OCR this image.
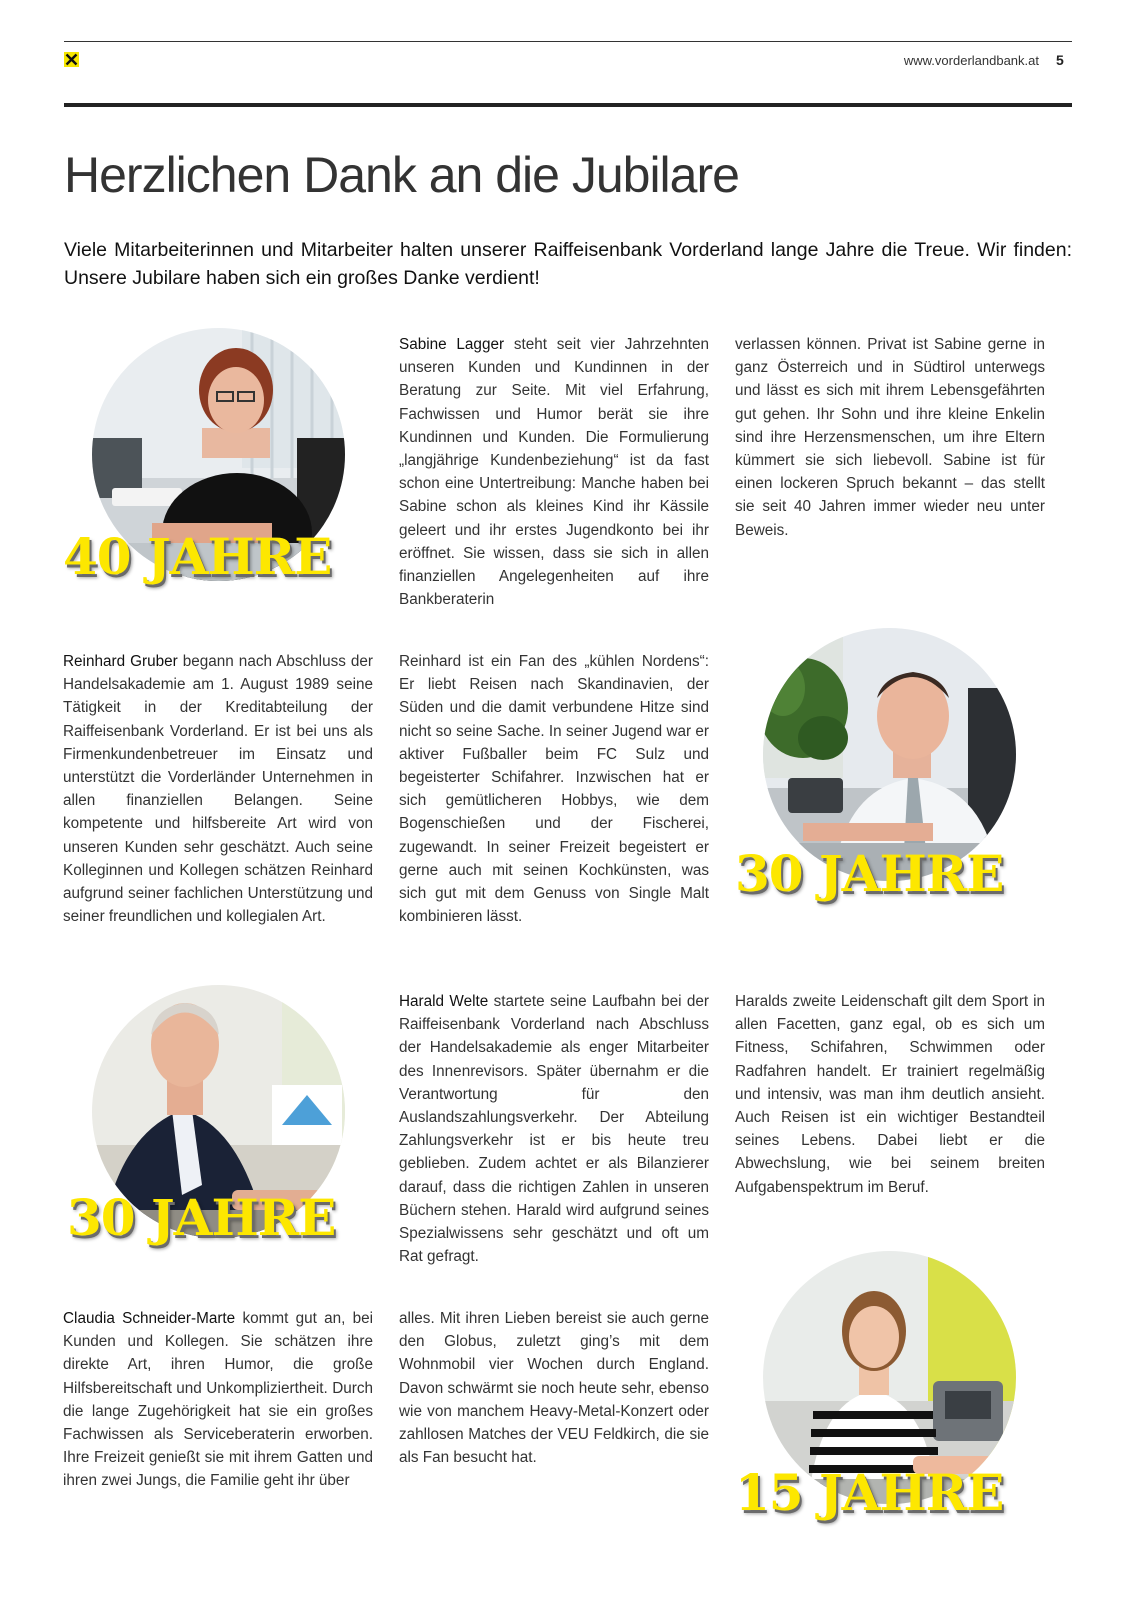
www.vorderlandbank.at 5
Herzlichen Dank an die Jubilare

Viele Mitarbeiterinnen und Mitarbeiter halten unserer Raiffeisenbank Vorderland lange Jahre die Treue. Wir finden: Unsere Jubilare haben sich ein großes Danke verdient!

40 JAHRE

Sabine Lagger steht seit vier Jahrzehnten unseren Kunden und Kundinnen in der Beratung zur Seite. Mit viel Erfahrung, Fachwissen und Humor berät sie ihre Kundinnen und Kunden. Die Formulierung „langjährige Kundenbeziehung“ ist da fast schon eine Untertreibung: Manche haben bei Sabine schon als kleines Kind ihr Kässile geleert und ihr erstes Jugendkonto bei ihr eröffnet. Sie wissen, dass sie sich in allen finanziellen Angelegenheiten auf ihre Bankberaterin

verlassen können. Privat ist Sabine gerne in ganz Österreich und in Südtirol unterwegs und lässt es sich mit ihrem Lebensgefährten gut gehen. Ihr Sohn und ihre kleine Enkelin sind ihre Herzensmenschen, um ihre Eltern kümmert sie sich liebevoll. Sabine ist für einen lockeren Spruch bekannt – das stellt sie seit 40 Jahren immer wieder neu unter Beweis.

Reinhard Gruber begann nach Abschluss der Handelsakademie am 1. August 1989 seine Tätigkeit in der Kreditabteilung der Raiffeisenbank Vorderland. Er ist bei uns als Firmenkundenbetreuer im Einsatz und unterstützt die Vorderländer Unternehmen in allen finanziellen Belangen. Seine kompetente und hilfsbereite Art wird von unseren Kunden sehr geschätzt. Auch seine Kolleginnen und Kollegen schätzen Reinhard aufgrund seiner fachlichen Unterstützung und seiner freundlichen und kollegialen Art.

Reinhard ist ein Fan des „kühlen Nordens“: Er liebt Reisen nach Skandinavien, der Süden und die damit verbundene Hitze sind nicht so seine Sache. In seiner Jugend war er aktiver Fußballer beim FC Sulz und begeisterter Schifahrer. Inzwischen hat er sich gemütlicheren Hobbys, wie dem Bogenschießen und der Fischerei, zugewandt. In seiner Freizeit begeistert er gerne auch mit seinen Kochkünsten, was sich gut mit dem Genuss von Single Malt kombinieren lässt.

30 JAHRE
30 JAHRE

Harald Welte startete seine Laufbahn bei der Raiffeisenbank Vorderland nach Abschluss der Handelsakademie als enger Mitarbeiter des Innenrevisors. Später übernahm er die Verantwortung für den Auslandszahlungsverkehr. Der Abteilung Zahlungsverkehr ist er bis heute treu geblieben. Zudem achtet er als Bilanzierer darauf, dass die richtigen Zahlen in unseren Büchern stehen. Harald wird aufgrund seines Spezialwissens sehr geschätzt und oft um Rat gefragt.

Haralds zweite Leidenschaft gilt dem Sport in allen Facetten, ganz egal, ob es sich um Fitness, Schifahren, Schwimmen oder Radfahren handelt. Er trainiert regelmäßig und intensiv, was man ihm deutlich ansieht. Auch Reisen ist ein wichtiger Bestandteil seines Lebens. Dabei liebt er die Abwechslung, wie bei seinem breiten Aufgabenspektrum im Beruf.

Claudia Schneider-Marte kommt gut an, bei Kunden und Kollegen. Sie schätzen ihre direkte Art, ihren Humor, die große Hilfsbereitschaft und Unkompliziertheit. Durch die lange Zugehörigkeit hat sie ein großes Fachwissen als Serviceberaterin erworben. Ihre Freizeit genießt sie mit ihrem Gatten und ihren zwei Jungs, die Familie geht ihr über

alles. Mit ihren Lieben bereist sie auch gerne den Globus, zuletzt ging’s mit dem Wohnmobil vier Wochen durch England. Davon schwärmt sie noch heute sehr, ebenso wie von manchem Heavy-Metal-Konzert oder zahllosen Matches der VEU Feldkirch, die sie als Fan besucht hat.

15 JAHRE
